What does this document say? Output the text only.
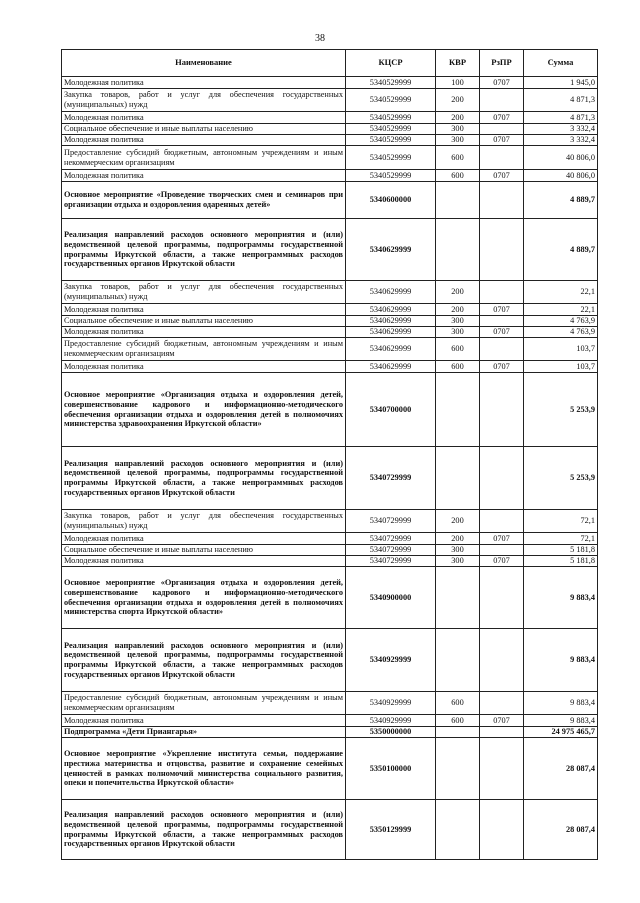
38
Наименование	КЦСР	КВР	РзПР	Сумма
Молодежная политика	5340529999	100	0707	1 945,0
Закупка товаров, работ и услуг для обеспечения государственных (муниципальных) нужд	5340529999	200		4 871,3
Молодежная политика	5340529999	200	0707	4 871,3
Социальное обеспечение и иные выплаты населению	5340529999	300		3 332,4
Молодежная политика	5340529999	300	0707	3 332,4
Предоставление субсидий бюджетным, автономным учреждениям и иным некоммерческим организациям	5340529999	600		40 806,0
Молодежная политика	5340529999	600	0707	40 806,0
Основное мероприятие «Проведение творческих смен и семинаров при организации отдыха и оздоровления одаренных детей»	5340600000			4 889,7
Реализация направлений расходов основного мероприятия и (или) ведомственной целевой программы, подпрограммы государственной программы Иркутской области, а также непрограммных расходов государственных органов Иркутской области	5340629999			4 889,7
Закупка товаров, работ и услуг для обеспечения государственных (муниципальных) нужд	5340629999	200		22,1
Молодежная политика	5340629999	200	0707	22,1
Социальное обеспечение и иные выплаты населению	5340629999	300		4 763,9
Молодежная политика	5340629999	300	0707	4 763,9
Предоставление субсидий бюджетным, автономным учреждениям и иным некоммерческим организациям	5340629999	600		103,7
Молодежная политика	5340629999	600	0707	103,7
Основное мероприятие «Организация отдыха и оздоровления детей, совершенствование кадрового и информационно-методического обеспечения организации отдыха и оздоровления детей в полномочиях министерства здравоохранения Иркутской области»	5340700000			5 253,9
Реализация направлений расходов основного мероприятия и (или) ведомственной целевой программы, подпрограммы государственной программы Иркутской области, а также непрограммных расходов государственных органов Иркутской области	5340729999			5 253,9
Закупка товаров, работ и услуг для обеспечения государственных (муниципальных) нужд	5340729999	200		72,1
Молодежная политика	5340729999	200	0707	72,1
Социальное обеспечение и иные выплаты населению	5340729999	300		5 181,8
Молодежная политика	5340729999	300	0707	5 181,8
Основное мероприятие «Организация отдыха и оздоровления детей, совершенствование кадрового и информационно-методического обеспечения организации отдыха и оздоровления детей в полномочиях министерства спорта Иркутской области»	5340900000			9 883,4
Реализация направлений расходов основного мероприятия и (или) ведомственной целевой программы, подпрограммы государственной программы Иркутской области, а также непрограммных расходов государственных органов Иркутской области	5340929999			9 883,4
Предоставление субсидий бюджетным, автономным учреждениям и иным некоммерческим организациям	5340929999	600		9 883,4
Молодежная политика	5340929999	600	0707	9 883,4
Подпрограмма «Дети Приангарья»	5350000000			24 975 465,7
Основное мероприятие «Укрепление института семьи, поддержание престижа материнства и отцовства, развитие и сохранение семейных ценностей в рамках полномочий министерства социального развития, опеки и попечительства Иркутской области»	5350100000			28 087,4
Реализация направлений расходов основного мероприятия и (или) ведомственной целевой программы, подпрограммы государственной программы Иркутской области, а также непрограммных расходов государственных органов Иркутской области	5350129999			28 087,4
